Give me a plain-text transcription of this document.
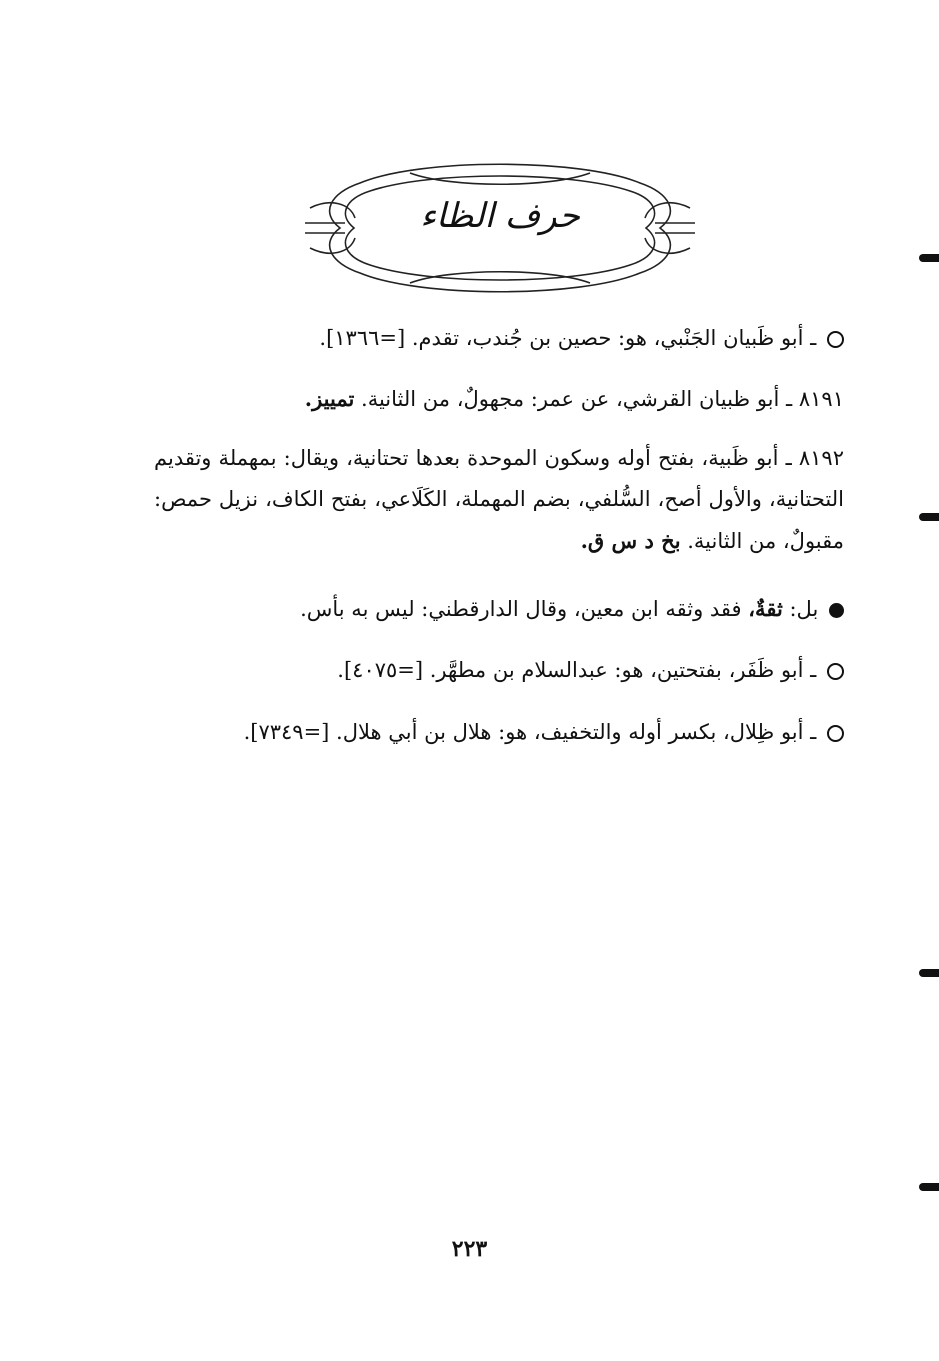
حرف الظاء
ـ أبو ظَبيان الجَنْبي، هو: حصين بن جُندب، تقدم. [=١٣٦٦].
٨١٩١ ـ أبو ظبيان القرشي، عن عمر: مجهولٌ، من الثانية. تمييز.
٨١٩٢ ـ أبو ظَبية، بفتح أوله وسكون الموحدة بعدها تحتانية، ويقال: بمهملة وتقديم التحتانية، والأول أصح، السُّلفي، بضم المهملة، الكَلَاعي، بفتح الكاف، نزيل حمص: مقبولٌ، من الثانية. بخ د س ق.
بل: ثقةٌ، فقد وثقه ابن معين، وقال الدارقطني: ليس به بأس.
ـ أبو ظَفَر، بفتحتين، هو: عبدالسلام بن مطهَّر. [=٤٠٧٥].
ـ أبو ظِلال، بكسر أوله والتخفيف، هو: هلال بن أبي هلال. [=٧٣٤٩].
٢٢٣
